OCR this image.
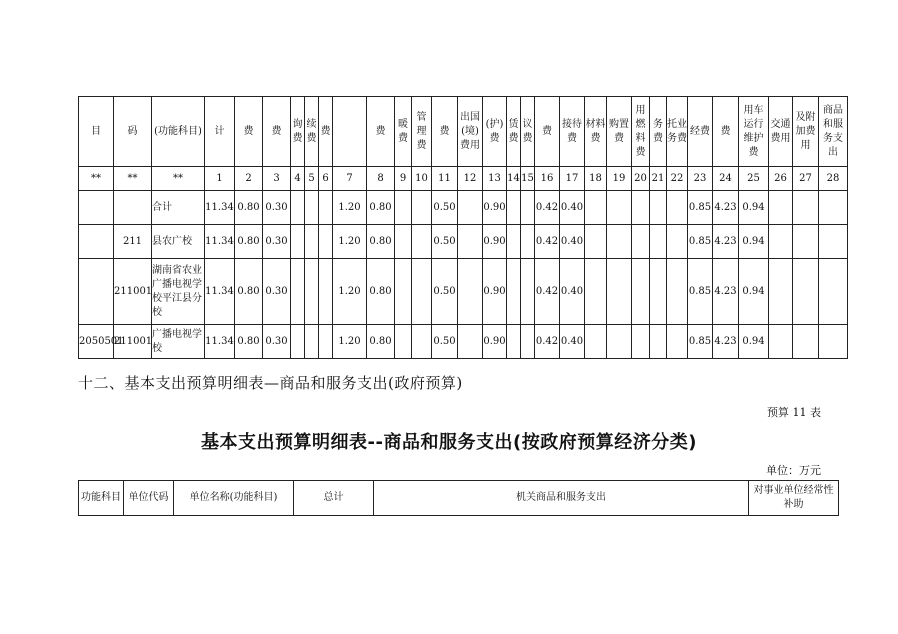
目	码	(功能科目)	计	费	费	询费	续费	费		费	暖费	管理费	费	出国(境)费用	(护)费	赁费	议费	费	接待费	材料费	购置费	用燃料费	务费	托业务费	经费	费	用车运行维护费	交通费用	及附加费用	商品和服务支出
**	**	**	1	2	3	4	5	6	7	8	9	10	11	12	13	14	15	16	17	18	19	20	21	22	23	24	25	26	27	28
		合计	11.34	0.80	0.30				1.20	0.80			0.50		0.90			0.42	0.40						0.85	4.23	0.94			
	211	县农广校	11.34	0.80	0.30				1.20	0.80			0.50		0.90			0.42	0.40						0.85	4.23	0.94			
	211001	湖南省农业广播电视学校平江县分校	11.34	0.80	0.30				1.20	0.80			0.50		0.90			0.42	0.40						0.85	4.23	0.94			
2050501	211001	广播电视学校	11.34	0.80	0.30				1.20	0.80			0.50		0.90			0.42	0.40						0.85	4.23	0.94			
十二、基本支出预算明细表—商品和服务支出(政府预算)
预算 11 表
基本支出预算明细表--商品和服务支出(按政府预算经济分类)
单位：万元
功能科目	单位代码	单位名称(功能科目)	总计	机关商品和服务支出	对事业单位经常性补助
